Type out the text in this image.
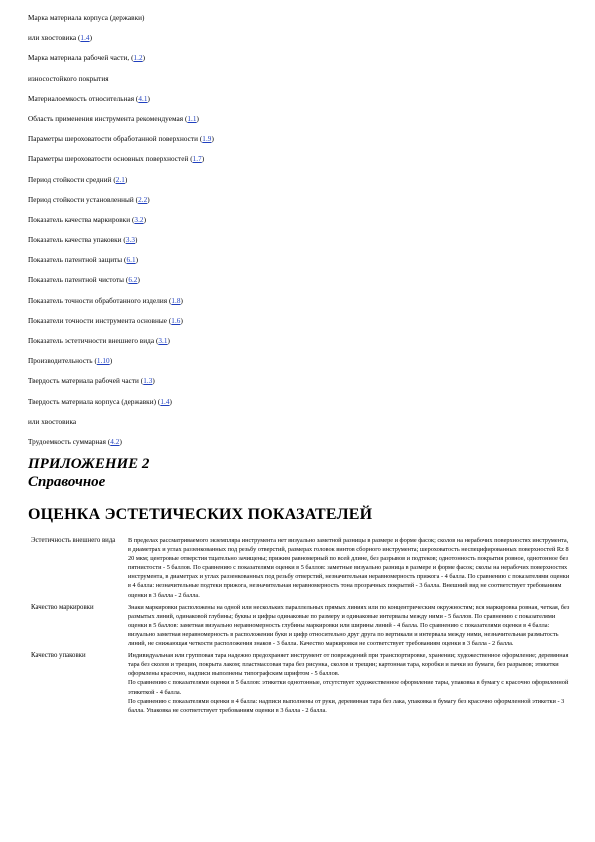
Марка материала корпуса (державки)
или хвостовика (1.4)
Марка материала рабочей части, (1.2)
износостойкого покрытия
Материалоемкость относительная (4.1)
Область применения инструмента рекомендуемая (1.1)
Параметры шероховатости обработанной поверхности (1.9)
Параметры шероховатости основных поверхностей (1.7)
Период стойкости средний (2.1)
Период стойкости установленный (2.2)
Показатель качества маркировки (3.2)
Показатель качества упаковки (3.3)
Показатель патентной защиты (6.1)
Показатель патентной чистоты (6.2)
Показатель точности обработанного изделия (1.8)
Показатели точности инструмента основные (1.6)
Показатель эстетичности внешнего вида (3.1)
Производительность (1.10)
Твердость материала рабочей части (1.3)
Твердость материала корпуса (державки) (1.4)
или хвостовика
Трудоемкость суммарная (4.2)

ПРИЛОЖЕНИЕ 2

Справочное

ОЦЕНКА ЭСТЕТИЧЕСКИХ ПОКАЗАТЕЛЕЙ
Эстетичность внешнего вида	В пределах рассматриваемого экземпляра инструмента нет визуально заметной разницы в размере и форме фасок; сколов на нерабочих поверхностях инструмента, в диаметрах и углах раззенкованных под резьбу отверстий, размерах головок винтов сборного инструмента; шероховатость неспецифированных поверхностей Rz 8 20 мкм; центровые отверстия тщательно зачищены; прижим равномерный по всей длине, без разрывов и подтеков; однотонность покрытия ровное, однотонное без пятнистости - 5 баллов. По сравнению с показателями оценки в 5 баллов: заметные визуально разница в размере и форме фасок; сколы на нерабочих поверхностях инструмента, в диаметрах и углах раззенкованных под резьбу отверстий, незначительная неравномерность прижога - 4 балла. По сравнению с показателями оценки в 4 балла: незначительные подтеки прижога, незначительная неравномерность тона прозрачных покрытий - 3 балла. Внешний вид не соответствует требованиям оценки в 3 балла - 2 балла.

Качество маркировки	Знаки маркировки расположены на одной или нескольких параллельных прямых линиях или по концентрическим окружностям; вся маркировка ровная, четкая, без размытых линий, одинаковой глубины; буквы и цифры одинаковые по размеру и одинаковые интервалы между ними - 5 баллов. По сравнению с показателями оценки в 5 баллов: заметная визуально неравномерность глубины маркировки или ширины линий - 4 балла. По сравнению с показателями оценки в 4 балла: визуально заметная неравномерность в расположении букв и цифр относительно друг друга по вертикали и интервала между ними, незначительная размытость линий, не снижающая четкости расположения знаков - 3 балла. Качество маркировки не соответствует требованиям оценки в 3 балла - 2 балла.

Качество упаковки	Индивидуальная или групповая тара надежно предохраняет инструмент от повреждений при транспортировке, хранении; художественное оформление; деревянная тара без сколов и трещин, покрыта лаком; пластмассовая тара без рисунка, сколов и трещин; картонная тара, коробки и пачки из бумаги, без разрывов; этикетки оформлены красочно, надписи выполнены типографским шрифтом - 5 баллов.

По сравнению с показателями оценки в 5 баллов: этикетки однотонные, отсутствует художественное оформление тары, упаковка в бумагу с красочно оформленной этикеткой - 4 балла.

По сравнению с показателями оценки в 4 балла: надписи выполнены от руки, деревянная тара без лака, упаковка в бумагу без красочно оформленной этикетки - 3 балла. Упаковка не соответствует требованиям оценки в 3 балла - 2 балла.
